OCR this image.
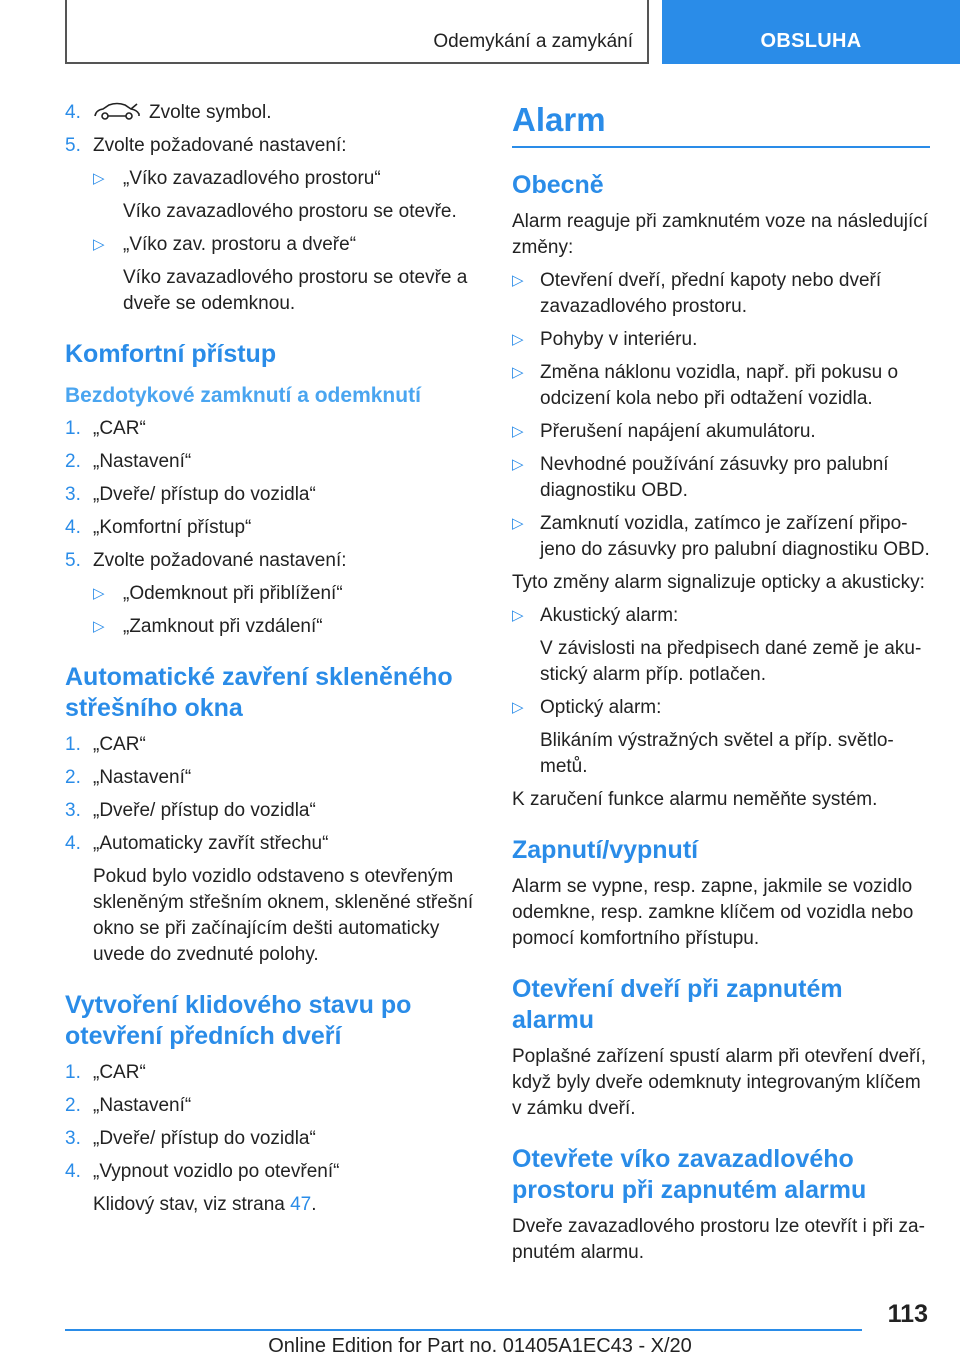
Odemykání a zamykání	OBSLUHA
4.	Zvolte symbol.
5. Zvolte požadované nastavení:
▷ „Víko zavazadlového prostoru“
Víko zavazadlového prostoru se otevře.
▷ „Víko zav. prostoru a dveře“
Víko zavazadlového prostoru se otevře a dveře se odemknou.
Komfortní přístup
Bezdotykové zamknutí a odemknutí
1. „CAR“
2. „Nastavení“
3. „Dveře/ přístup do vozidla“
4. „Komfortní přístup“
5. Zvolte požadované nastavení:
▷ „Odemknout při přiblížení“
▷ „Zamknout při vzdálení“
Automatické zavření skleněného střešního okna
1. „CAR“
2. „Nastavení“
3. „Dveře/ přístup do vozidla“
4. „Automaticky zavřít střechu“
Pokud bylo vozidlo odstaveno s otevřeným skleněným střešním oknem, skleněné střešní okno se při začínajícím dešti automaticky uvede do zvednuté polohy.
Vytvoření klidového stavu po otevření předních dveří
1. „CAR“
2. „Nastavení“
3. „Dveře/ přístup do vozidla“
4. „Vypnout vozidlo po otevření“
Klidový stav, viz strana 47.
Alarm
Obecně
Alarm reaguje při zamknutém voze na následující změny:
▷ Otevření dveří, přední kapoty nebo dveří zavazadlového prostoru.
▷ Pohyby v interiéru.
▷ Změna náklonu vozidla, např. při pokusu o odcizení kola nebo při odtažení vozidla.
▷ Přerušení napájení akumulátoru.
▷ Nevhodné používání zásuvky pro palubní diagnostiku OBD.
▷ Zamknutí vozidla, zatímco je zařízení připojeno do zásuvky pro palubní diagnostiku OBD.
Tyto změny alarm signalizuje opticky a akusticky:
▷ Akustický alarm:
V závislosti na předpisech dané země je akustický alarm příp. potlačen.
▷ Optický alarm:
Blikáním výstražných světel a příp. světlometů.
K zaručení funkce alarmu neměňte systém.
Zapnutí/vypnutí
Alarm se vypne, resp. zapne, jakmile se vozidlo odemkne, resp. zamkne klíčem od vozidla nebo pomocí komfortního přístupu.
Otevření dveří při zapnutém alarmu
Poplašné zařízení spustí alarm při otevření dveří, když byly dveře odemknuty integrovaným klíčem v zámku dveří.
Otevřete víko zavazadlového prostoru při zapnutém alarmu
Dveře zavazadlového prostoru lze otevřít i při zapnutém alarmu.
113
Online Edition for Part no. 01405A1EC43 - X/20
